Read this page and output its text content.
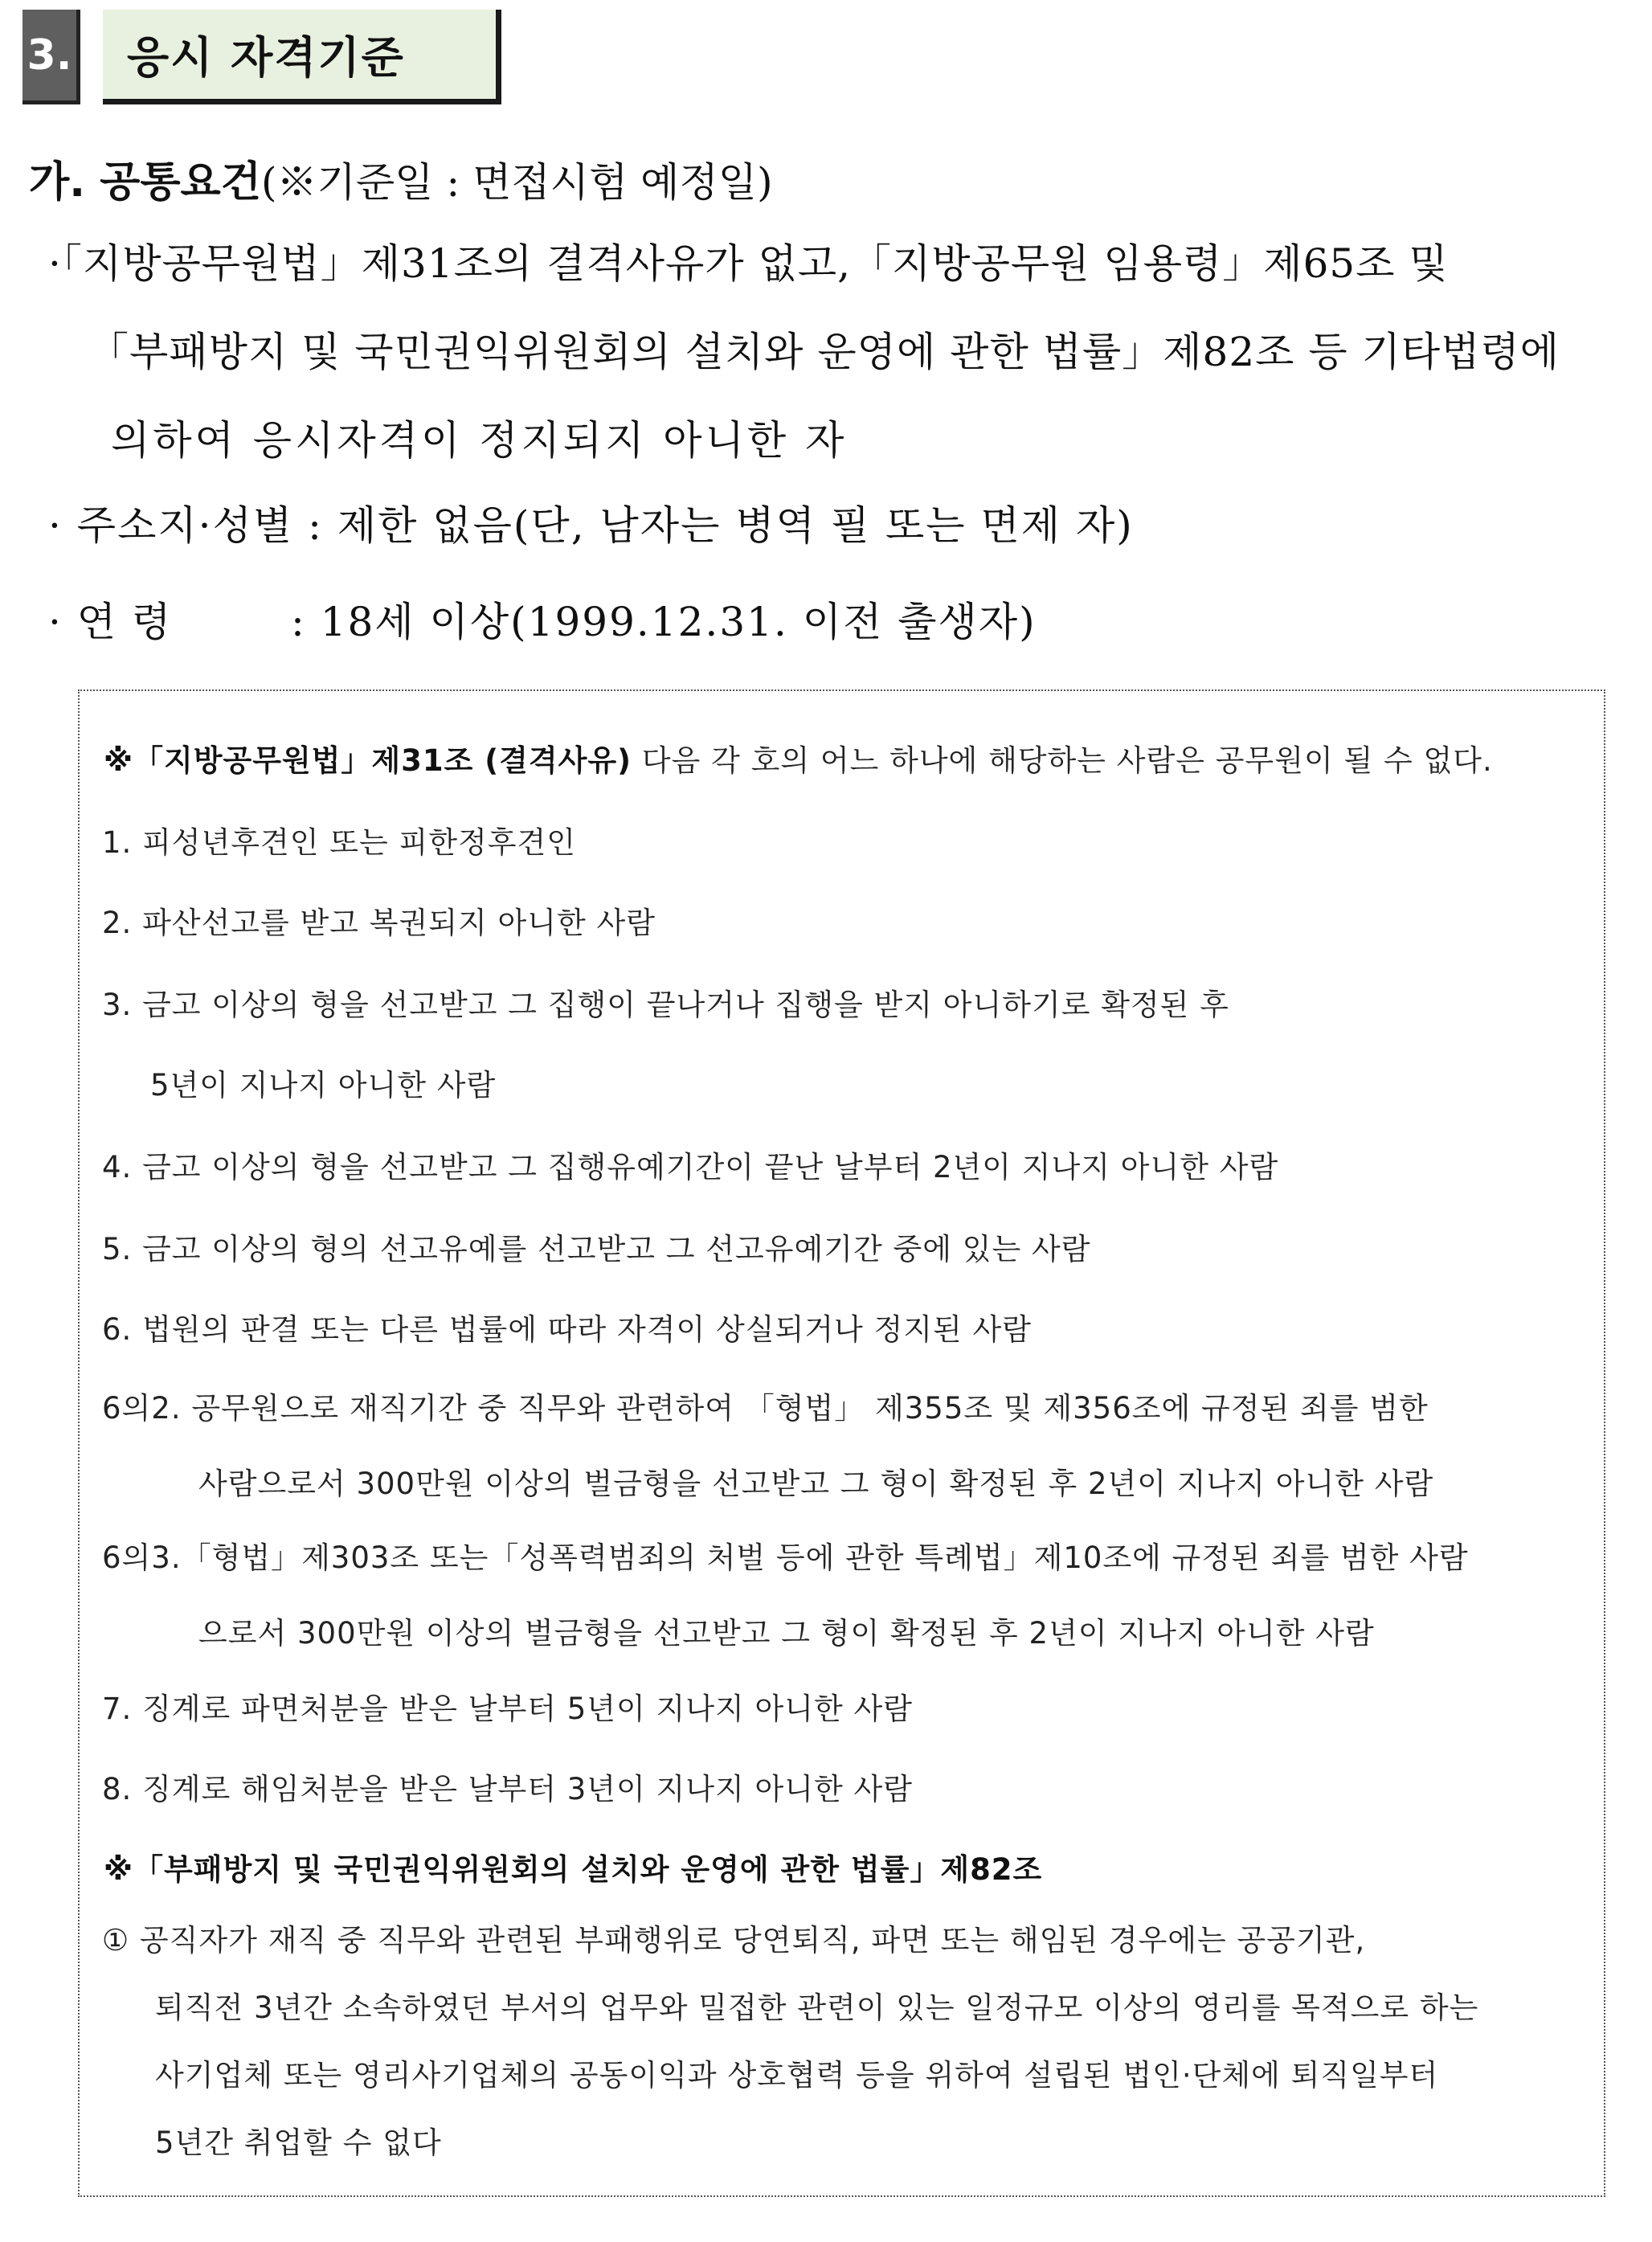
3. 응시 자격기준
가. 공통요건(※기준일 : 면접시험 예정일)
·「지방공무원법」제31조의 결격사유가 없고,「지방공무원 임용령」제65조 및
「부패방지 및 국민권익위원회의 설치와 운영에 관한 법률」제82조 등 기타법령에
의하여 응시자격이 정지되지 아니한 자
· 주소지·성별 : 제한 없음(단, 남자는 병역 필 또는 면제 자)
· 연 령	: 18세 이상(1999.12.31. 이전 출생자)
※「지방공무원법」제31조 (결격사유) 다음 각 호의 어느 하나에 해당하는 사람은 공무원이 될 수 없다.
1. 피성년후견인 또는 피한정후견인
2. 파산선고를 받고 복권되지 아니한 사람
3. 금고 이상의 형을 선고받고 그 집행이 끝나거나 집행을 받지 아니하기로 확정된 후
5년이 지나지 아니한 사람
4. 금고 이상의 형을 선고받고 그 집행유예기간이 끝난 날부터 2년이 지나지 아니한 사람
5. 금고 이상의 형의 선고유예를 선고받고 그 선고유예기간 중에 있는 사람
6. 법원의 판결 또는 다른 법률에 따라 자격이 상실되거나 정지된 사람
6의2. 공무원으로 재직기간 중 직무와 관련하여 「형법」 제355조 및 제356조에 규정된 죄를 범한
사람으로서 300만원 이상의 벌금형을 선고받고 그 형이 확정된 후 2년이 지나지 아니한 사람
6의3.「형법」제303조 또는「성폭력범죄의 처벌 등에 관한 특례법」제10조에 규정된 죄를 범한 사람
으로서 300만원 이상의 벌금형을 선고받고 그 형이 확정된 후 2년이 지나지 아니한 사람
7. 징계로 파면처분을 받은 날부터 5년이 지나지 아니한 사람
8. 징계로 해임처분을 받은 날부터 3년이 지나지 아니한 사람
※「부패방지 및 국민권익위원회의 설치와 운영에 관한 법률」제82조
① 공직자가 재직 중 직무와 관련된 부패행위로 당연퇴직, 파면 또는 해임된 경우에는 공공기관,
퇴직전 3년간 소속하였던 부서의 업무와 밀접한 관련이 있는 일정규모 이상의 영리를 목적으로 하는
사기업체 또는 영리사기업체의 공동이익과 상호협력 등을 위하여 설립된 법인·단체에 퇴직일부터
5년간 취업할 수 없다
